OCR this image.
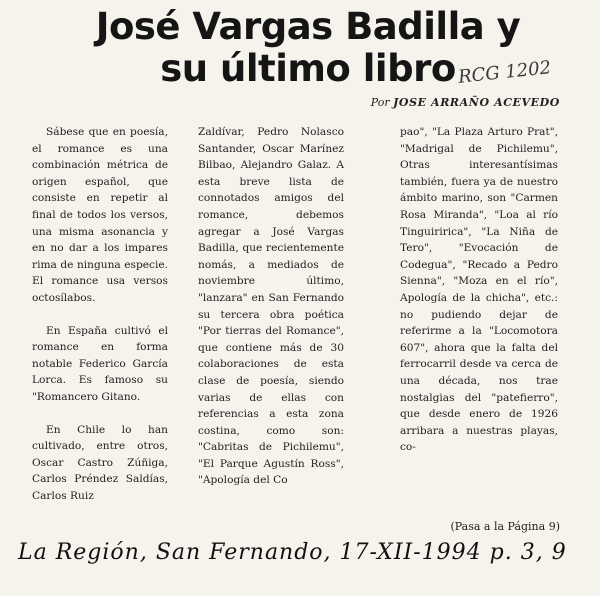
José Vargas Badilla y
su último libro RCG 1202
Por JOSE ARRAÑO ACEVEDO

Sábese que en poesía, el romance es una combinación métrica de origen español, que consiste en repetir al final de todos los versos, una misma asonancia y en no dar a los impares rima de ninguna especie. El romance usa versos octosílabos.

En España cultivó el romance en forma notable Federico García Lorca. Es famoso su "Romancero Gitano.

En Chile lo han cultivado, entre otros, Oscar Castro Zúñiga, Carlos Préndez Saldías, Carlos Ruiz

Zaldívar, Pedro Nolasco Santander, Oscar Marínez Bilbao, Alejandro Galaz. A esta breve lista de connotados amigos del romance, debemos agregar a José Vargas Badilla, que recientemente nomás, a mediados de noviembre último, "lanzara" en San Fernando su tercera obra poética "Por tierras del Romance", que contiene más de 30 colaboraciones de esta clase de poesía, siendo varias de ellas con referencias a esta zona costina, como son: "Cabritas de Pichilemu", "El Parque Agustín Ross", "Apología del Co

pao", "La Plaza Arturo Prat", "Madrigal de Pichilemu", Otras interesantísimas también, fuera ya de nuestro ámbito marino, son "Carmen Rosa Miranda", "Loa al río Tinguiririca", "La Niña de Tero", "Evocación de Codegua", "Recado a Pedro Sienna", "Moza en el río", Apología de la chicha", etc.: no pudiendo dejar de referirme a la "Locomotora 607", ahora que la falta del ferrocarril desde va cerca de una década, nos trae nostalgias del "patefierro", que desde enero de 1926 arribara a nuestras playas, co-

(Pasa a la Página 9)
La Región, San Fernando, 17-XII-1994 p. 3, 9
